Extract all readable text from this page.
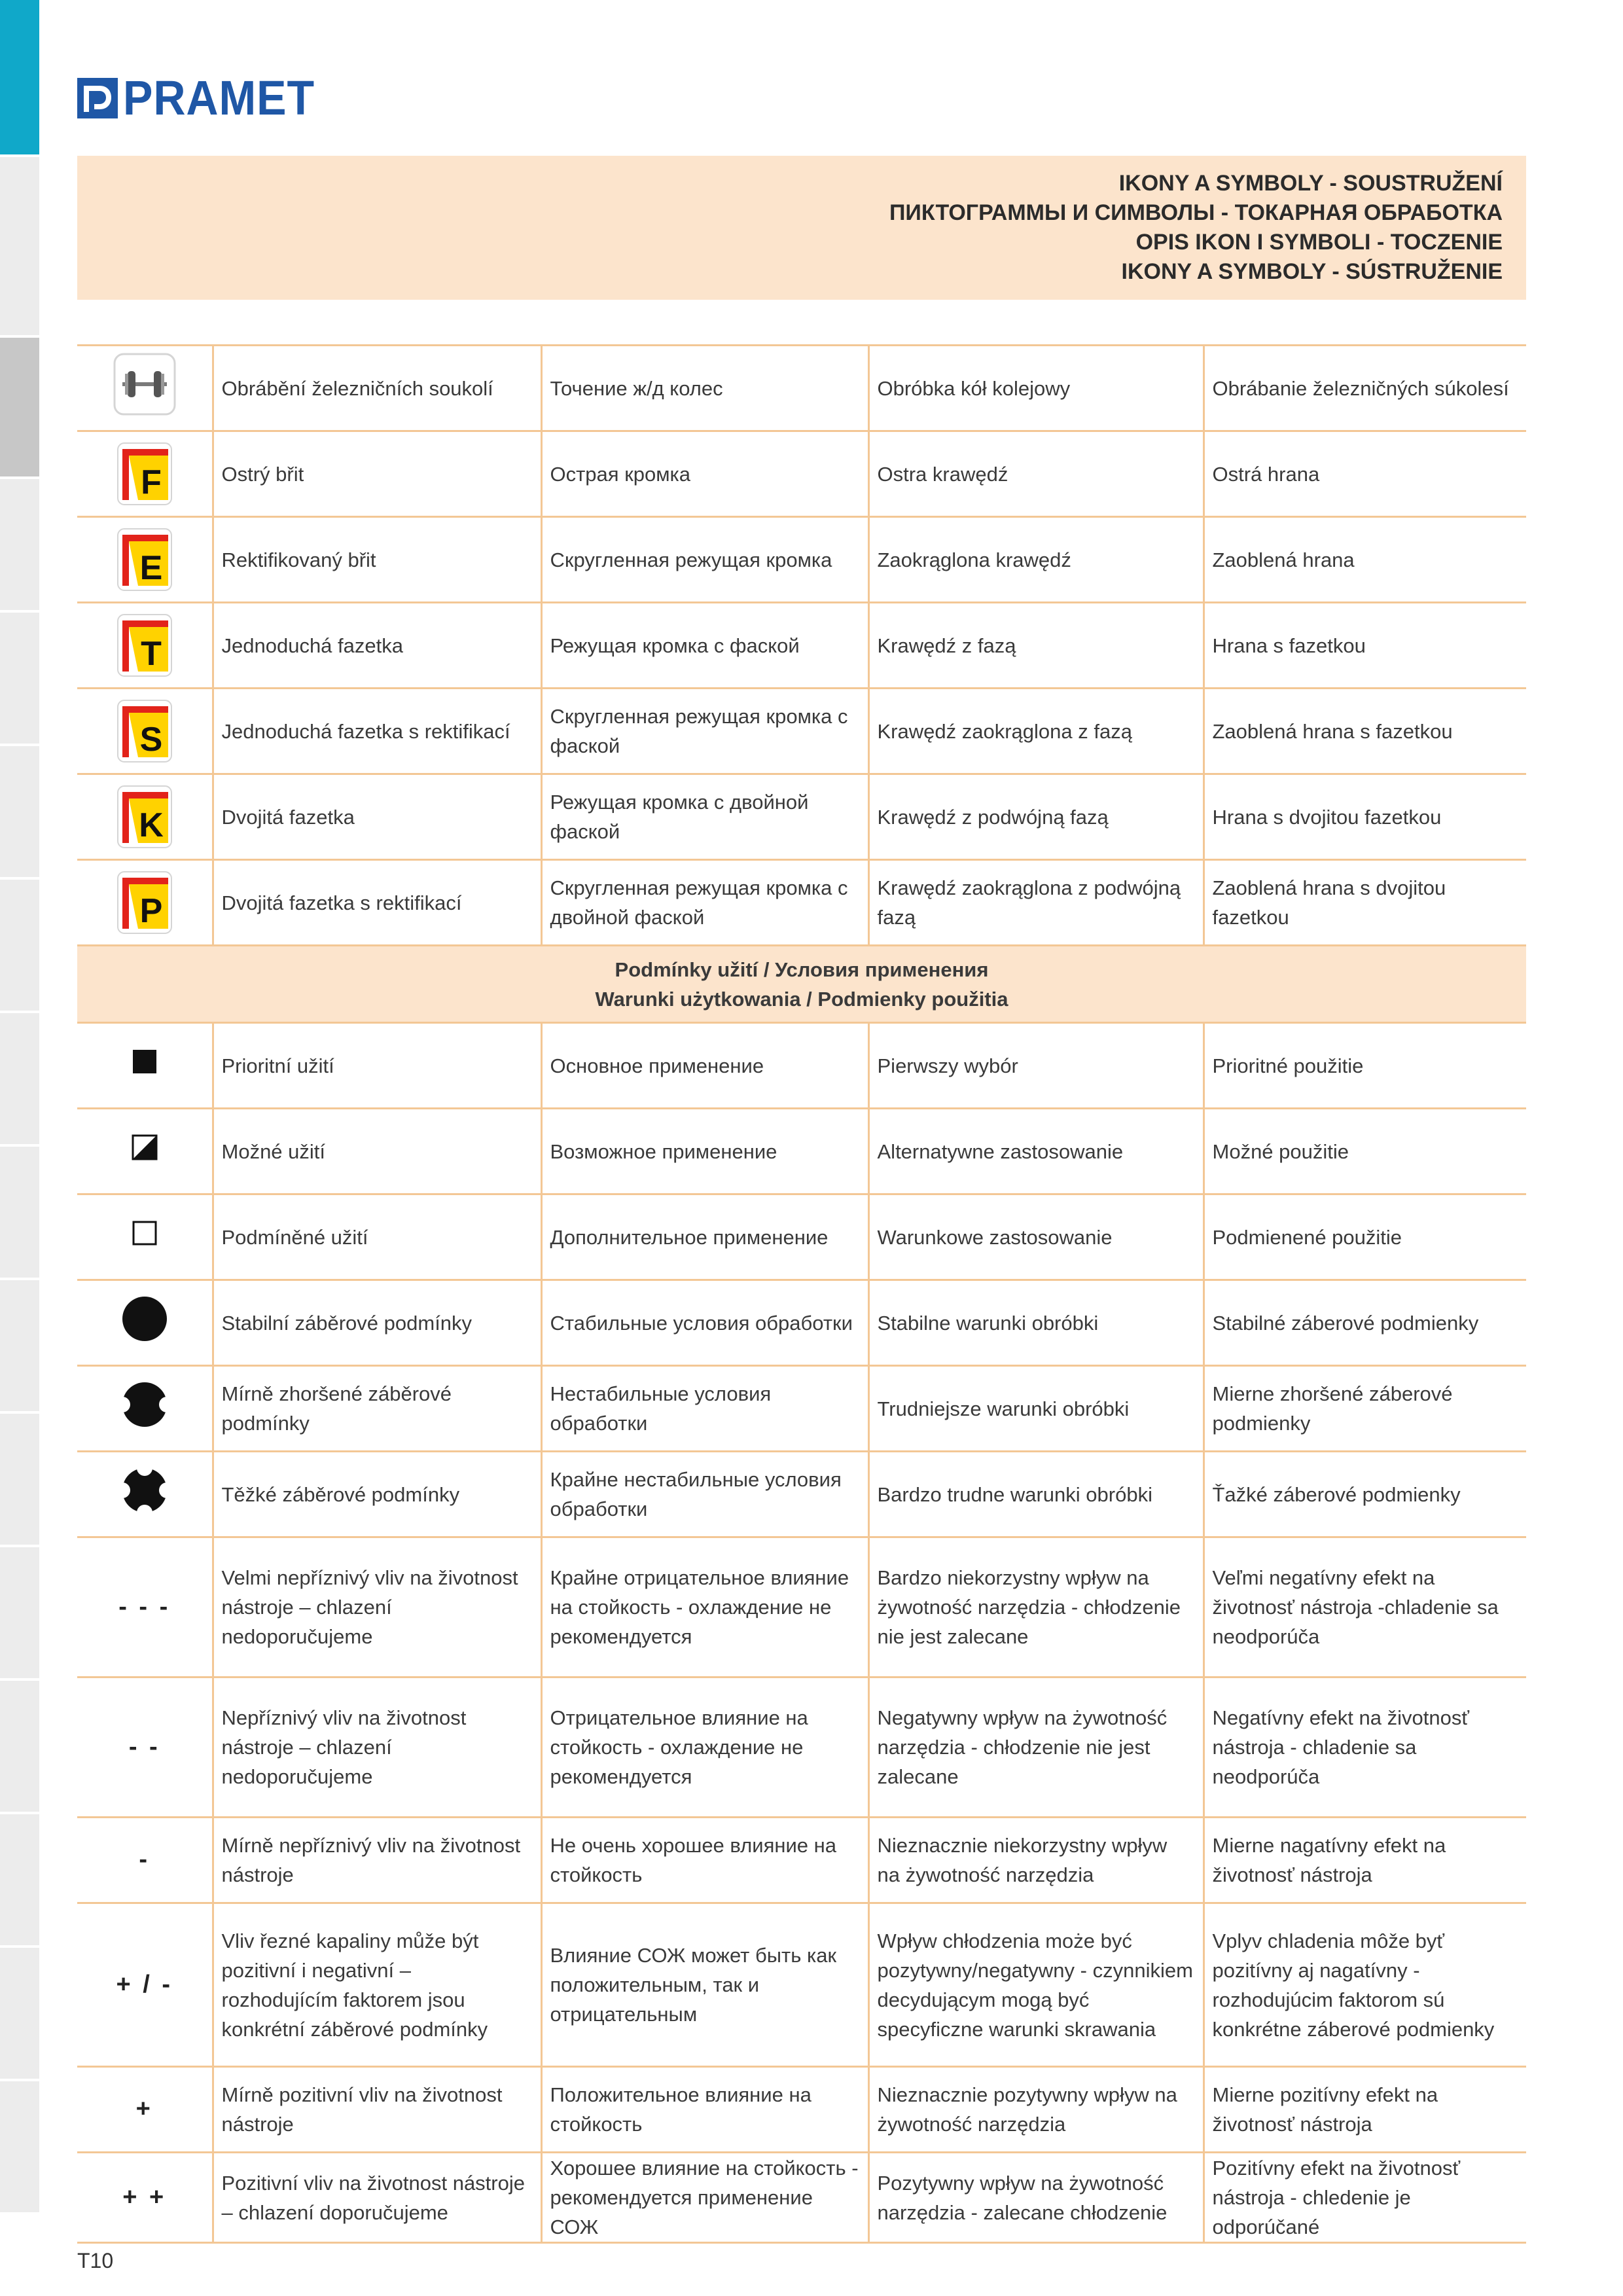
PRAMET
IKONY A SYMBOLY - SOUSTRUŽENÍ
ПИКТОГРАММЫ И СИМВОЛЫ - ТОКАРНАЯ ОБРАБОТКА
OPIS IKON I SYMBOLI - TOCZENIE
IKONY A SYMBOLY - SÚSTRUŽENIE
	Obrábění železničních soukolí	Точение ж/д колес	Obróbka kół kolejowy	Obrábanie železničných súkolesí

F	Ostrý břit	Острая кромка	Ostra krawędź	Ostrá hrana

E	Rektifikovaný břit	Скругленная режущая кромка	Zaokrąglona krawędź	Zaoblená hrana

T	Jednoduchá fazetka	Режущая кромка с фаской	Krawędź z fazą	Hrana s fazetkou

S	Jednoduchá fazetka s rektifikací	Скругленная режущая кромка с фаской	Krawędź zaokrąglona z fazą	Zaoblená hrana s fazetkou

K	Dvojitá fazetka	Режущая кромка с двойной фаской	Krawędź z podwójną fazą	Hrana s dvojitou fazetkou

P	Dvojitá fazetka s rektifikací	Скругленная режущая кромка с двойной фаской	Krawędź zaokrąglona z podwójną fazą	Zaoblená hrana s dvojitou fazetkou

Podmínky užití / Условия применения
Warunki użytkowania / Podmienky použitia				

	Prioritní užití	Основное применение	Pierwszy wybór	Prioritné použitie
	Možné užití	Возможное применение	Alternatywne zastosowanie	Možné použitie
	Podmíněné užití	Дополнительное применение	Warunkowe zastosowanie	Podmienené použitie
	Stabilní záběrové podmínky	Стабильные условия обработки	Stabilne warunki obróbki	Stabilné záberové podmienky
	Mírně zhoršené záběrové podmínky	Нестабильные условия обработки	Trudniejsze warunki obróbki	Mierne zhoršené záberové podmienky
	Těžké záběrové podmínky	Крайне нестабильные условия обработки	Bardzo trudne warunki obróbki	Ťažké záberové podmienky
- - -	Velmi nepříznivý vliv na životnost nástroje – chlazení nedoporučujeme	Крайне отрицательное влияние на стойкость - охлаждение не рекомендуется	Bardzo niekorzystny wpływ na żywotność narzędzia - chłodzenie nie jest zalecane	Veľmi negatívny efekt na životnosť nástroja -chladenie sa neodporúča
- -	Nepříznivý vliv na životnost nástroje – chlazení nedoporučujeme	Отрицательное влияние на стойкость - охлаждение не рекомендуется	Negatywny wpływ na żywotność narzędzia - chłodzenie nie jest zalecane	Negatívny efekt na životnosť nástroja - chladenie sa neodporúča
-	Mírně nepříznivý vliv na životnost nástroje	Не очень хорошее влияние на стойкость	Nieznacznie niekorzystny wpływ na żywotność narzędzia	Mierne nagatívny efekt na životnosť nástroja
+ / -	Vliv řezné kapaliny může být pozitivní i negativní – rozhodujícím faktorem jsou konkrétní záběrové podmínky	Влияние СОЖ может быть как положительным, так и отрицательным	Wpływ chłodzenia może być pozytywny/negatywny - czynnikiem decydującym mogą być specyficzne warunki skrawania	Vplyv chladenia môže byť pozitívny aj nagatívny - rozhodujúcim faktorom sú konkrétne záberové podmienky
+	Mírně pozitivní vliv na životnost nástroje	Положительное влияние на стойкость	Nieznacznie pozytywny wpływ na żywotność narzędzia	Mierne pozitívny efekt na životnosť nástroja
+ +	Pozitivní vliv na životnost nástroje – chlazení doporučujeme	Хорошее влияние на стойкость - рекомендуется применение СОЖ	Pozytywny wpływ na żywotność narzędzia - zalecane chłodzenie	Pozitívny efekt na životnosť nástroja - chledenie je odporúčané
T10
